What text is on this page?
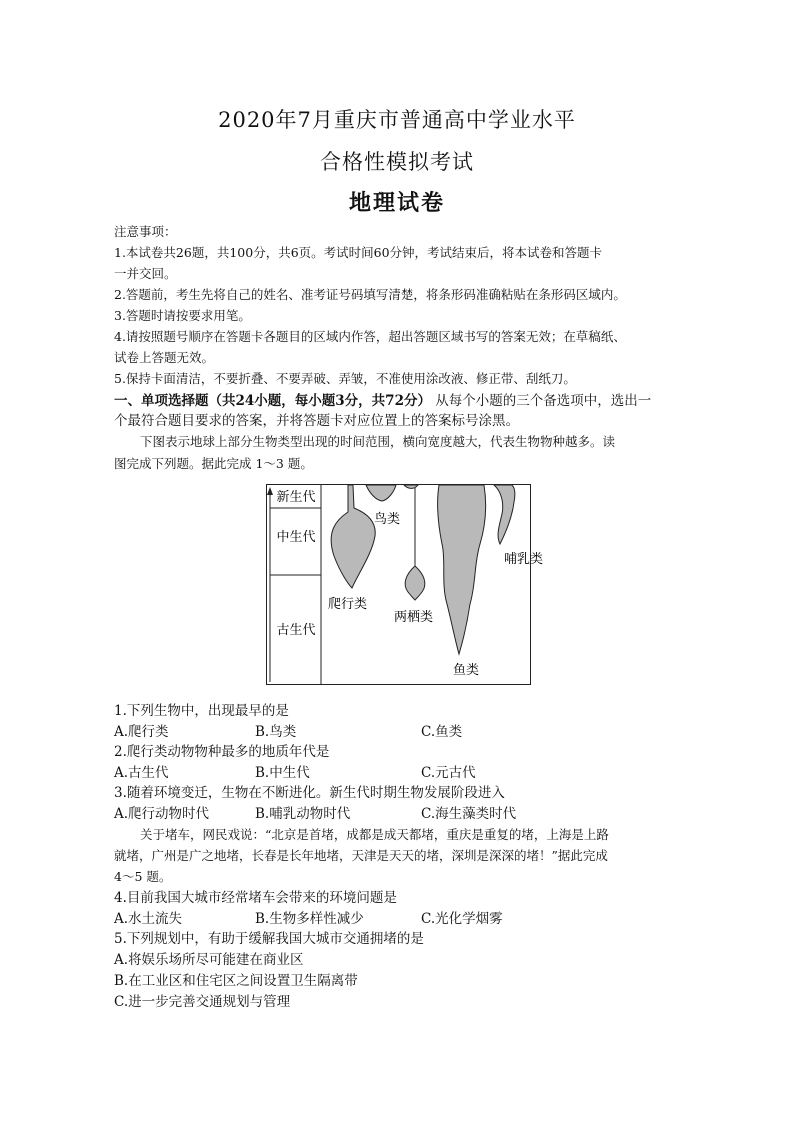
2020年7月重庆市普通高中学业水平
合格性模拟考试
地理试卷
注意事项：
1.本试卷共26题，共100分，共6页。考试时间60分钟，考试结束后，将本试卷和答题卡
一并交回。
2.答题前，考生先将自己的姓名、准考证号码填写清楚，将条形码准确粘贴在条形码区域内。
3.答题时请按要求用笔。
4.请按照题号顺序在答题卡各题目的区域内作答，超出答题区域书写的答案无效；在草稿纸、
试卷上答题无效。
5.保持卡面清洁，不要折叠、不要弄破、弄皱，不准使用涂改液、修正带、刮纸刀。
一、单项选择题（共24小题，每小题3分，共72分） 从每个小题的三个备选项中，选出一
个最符合题目要求的答案，并将答题卡对应位置上的答案标号涂黑。
下图表示地球上部分生物类型出现的时间范围，横向宽度越大，代表生物物种越多。读
图完成下列题。据此完成 1～3 题。
新生代
中生代
古生代
鸟类
哺乳类
爬行类
两栖类
鱼类
1.下列生物中，出现最早的是
A.爬行类	B.鸟类	C.鱼类
2.爬行类动物物种最多的地质年代是
A.古生代	B.中生代	C.元古代
3.随着环境变迁，生物在不断进化。新生代时期生物发展阶段进入
A.爬行动物时代	B.哺乳动物时代	C.海生藻类时代
关于堵车，网民戏说：“北京是首堵，成都是成天都堵，重庆是重复的堵，上海是上路
就堵，广州是广之地堵，长春是长年地堵，天津是天天的堵，深圳是深深的堵！”据此完成
4～5 题。
4.目前我国大城市经常堵车会带来的环境问题是
A.水土流失	B.生物多样性减少	C.光化学烟雾
5.下列规划中，有助于缓解我国大城市交通拥堵的是
A.将娱乐场所尽可能建在商业区
B.在工业区和住宅区之间设置卫生隔离带
C.进一步完善交通规划与管理
